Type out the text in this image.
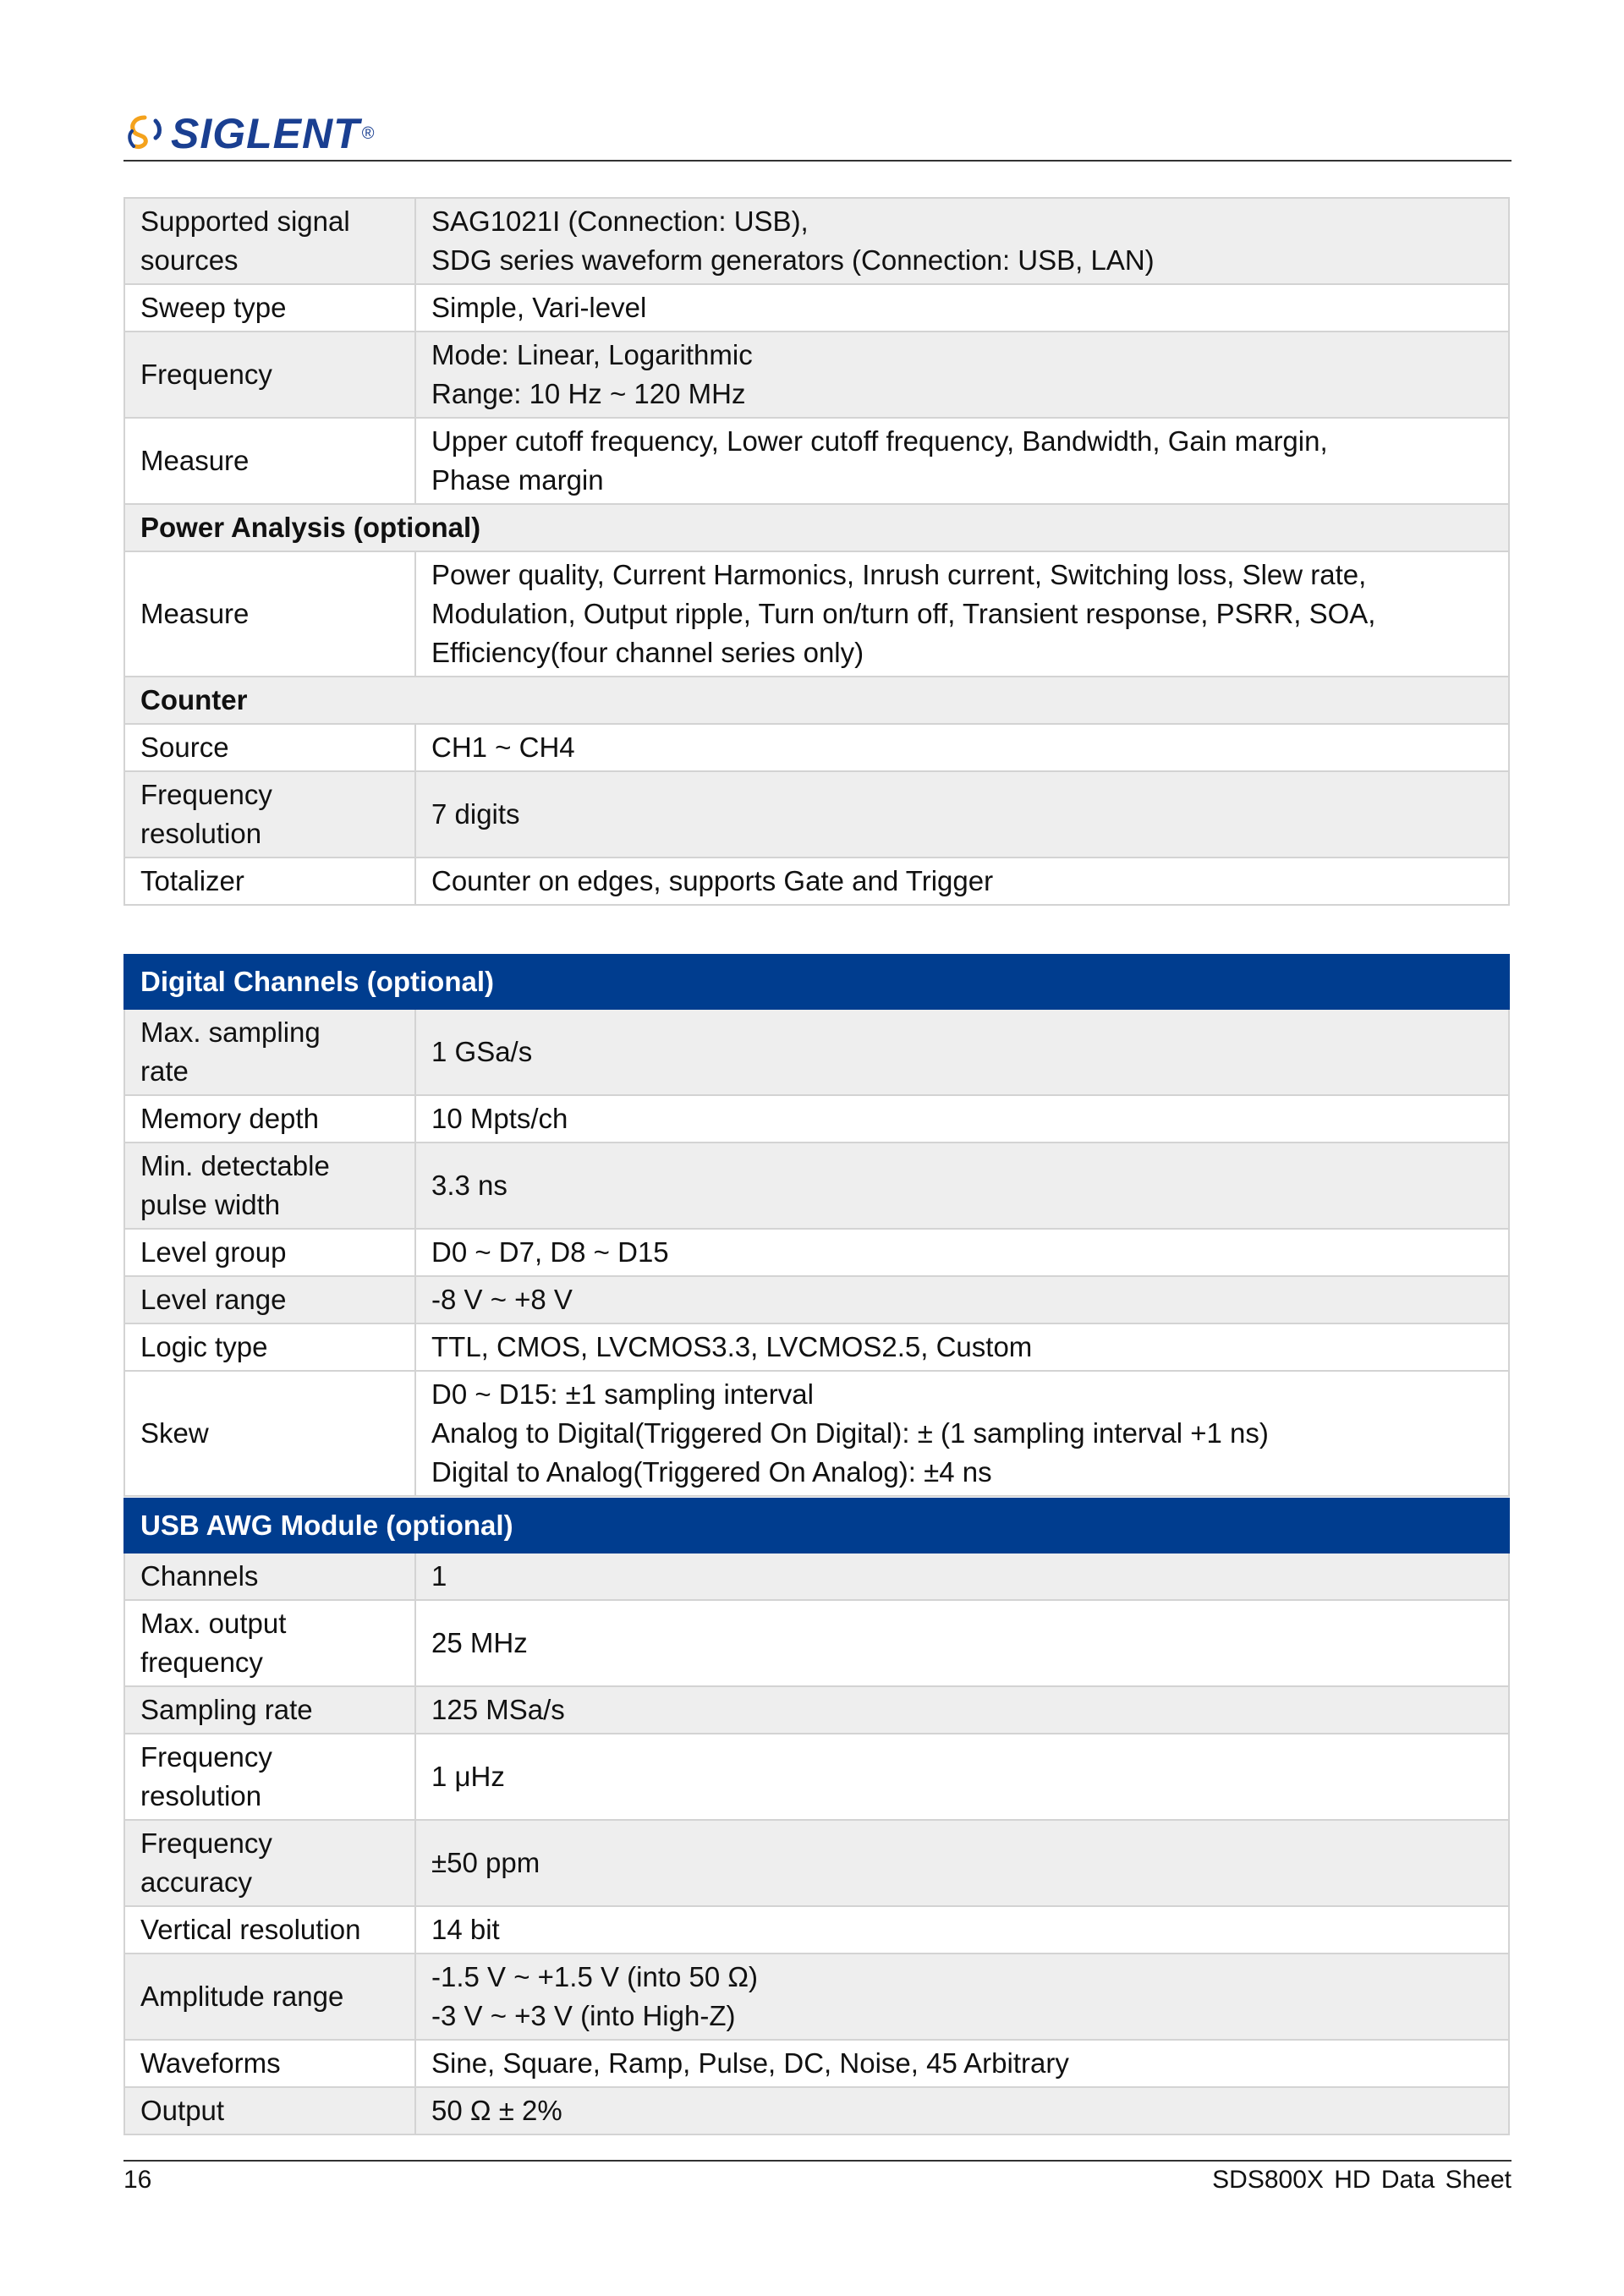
SIGLENT ®
Supported signal
sources	SAG1021I (Connection: USB),
SDG series waveform generators (Connection: USB, LAN)

Sweep type	Simple, Vari-level

Frequency	Mode: Linear, Logarithmic
Range: 10 Hz ~ 120 MHz

Measure	Upper cutoff frequency, Lower cutoff frequency, Bandwidth, Gain margin,
Phase margin

Power Analysis (optional)	

Measure	Power quality, Current Harmonics, Inrush current, Switching loss, Slew rate,
Modulation, Output ripple, Turn on/turn off, Transient response, PSRR, SOA,
Efficiency(four channel series only)

Counter	

Source	CH1 ~ CH4

Frequency
resolution	7 digits

Totalizer	Counter on edges, supports Gate and Trigger
Digital Channels (optional)	

Max. sampling
rate	1 GSa/s

Memory depth	10 Mpts/ch

Min. detectable
pulse width	3.3 ns

Level group	D0 ~ D7, D8 ~ D15

Level range	-8 V ~ +8 V

Logic type	TTL, CMOS, LVCMOS3.3, LVCMOS2.5, Custom

Skew	D0 ~ D15: ±1 sampling interval
Analog to Digital(Triggered On Digital): ± (1 sampling interval +1 ns)
Digital to Analog(Triggered On Analog): ±4 ns
USB AWG Module (optional)	

Channels	1

Max. output
frequency	25 MHz

Sampling rate	125 MSa/s

Frequency
resolution	1 μHz

Frequency
accuracy	±50 ppm

Vertical resolution	14 bit

Amplitude range	-1.5 V ~ +1.5 V (into 50 Ω)
-3 V ~ +3 V (into High-Z)

Waveforms	Sine, Square, Ramp, Pulse, DC, Noise, 45 Arbitrary

Output	50 Ω ± 2%
16	SDS800X HD Data Sheet
